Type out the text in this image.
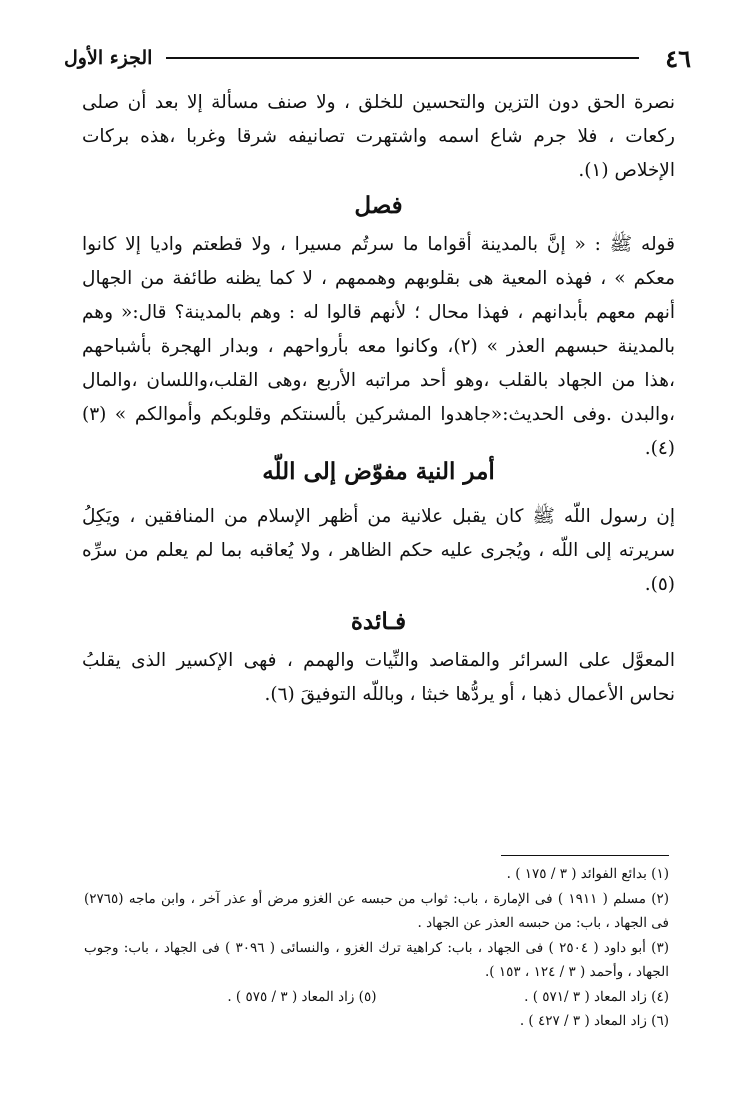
٤٦
الجزء الأول

نصرة الحق دون التزين والتحسين للخلق ، ولا صنف مسألة إلا بعد أن صلى ركعات ، فلا جرم شاع اسمه واشتهرت تصانيفه شرقا وغربا ،هذه بركات الإخلاص (١).

فصل

قوله ﷺ : « إنَّ بالمدينة أقواما ما سرتُم مسيرا ، ولا قطعتم واديا إلا كانوا معكم » ، فهذه المعية هى بقلوبهم وهممهم ، لا كما يظنه طائفة من الجهال أنهم معهم بأبدانهم ، فهذا محال ؛ لأنهم قالوا له : وهم بالمدينة؟ قال:« وهم بالمدينة حبسهم العذر » (٢)، وكانوا معه بأرواحهم ، وبدار الهجرة بأشباحهم ،هذا من الجهاد بالقلب ،وهو أحد مراتبه الأربع ،وهى القلب،واللسان ،والمال ،والبدن .وفى الحديث:«جاهدوا المشركين بألسنتكم وقلوبكم وأموالكم » (٣) (٤).

أمر النية مفوّض إلى اللّه

إن رسول اللّه ﷺ كان يقبل علانية من أظهر الإسلام من المنافقين ، ويَكِلُ سريرته إلى اللّه ، ويُجرى عليه حكم الظاهر ، ولا يُعاقبه بما لم يعلم من سرِّه (٥).

فـائدة

المعوَّل على السرائر والمقاصد والنِّيات والهمم ، فهى الإكسير الذى يقلبُ نحاس الأعمال ذهبا ، أو يردُّها خبثا ، وباللّه التوفيقَ (٦).

(١) بدائع الفوائد ( ٣ / ١٧٥ ) .

(٢) مسلم ( ١٩١١ ) فى الإمارة ، باب: ثواب من حبسه عن الغزو مرض أو عذر آخر ، وابن ماجه (٢٧٦٥) فى الجهاد ، باب: من حبسه العذر عن الجهاد .

(٣) أبو داود ( ٢٥٠٤ ) فى الجهاد ، باب: كراهية ترك الغزو ، والنسائى ( ٣٠٩٦ ) فى الجهاد ، باب: وجوب الجهاد ، وأحمد ( ٣ / ١٢٤ ، ١٥٣ ).

(٤) زاد المعاد ( ٣ /٥٧١ ) .

(٥) زاد المعاد ( ٣ / ٥٧٥ ) .

(٦) زاد المعاد ( ٣ / ٤٢٧ ) .
